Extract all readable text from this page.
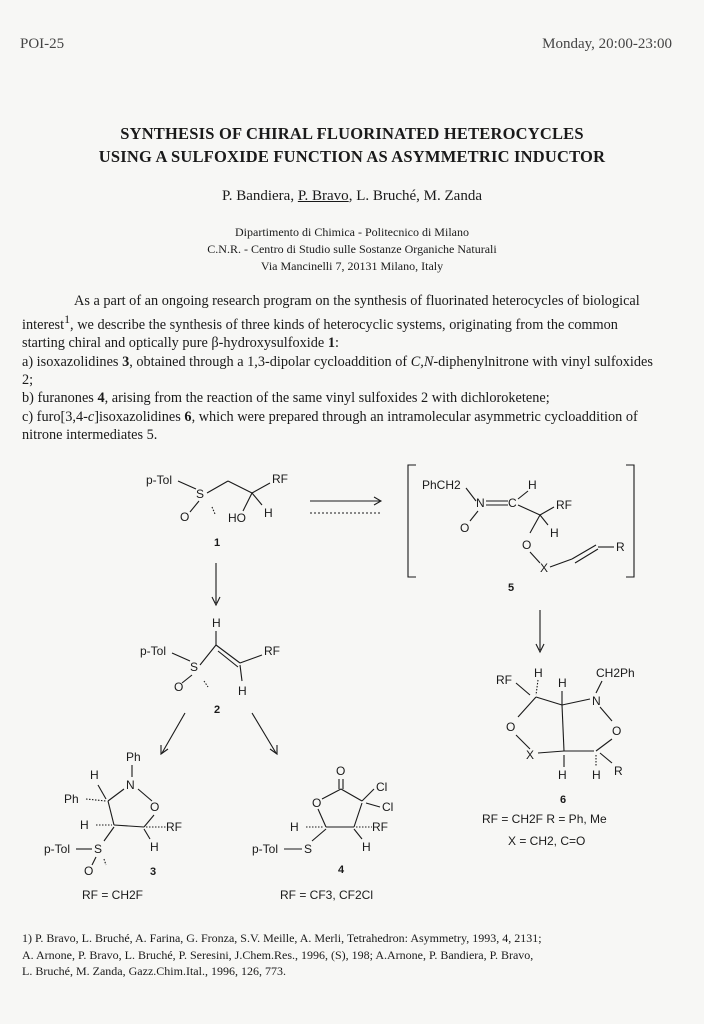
POI-25	Monday, 20:00-23:00
SYNTHESIS OF CHIRAL FLUORINATED HETEROCYCLES
USING A SULFOXIDE FUNCTION AS ASYMMETRIC INDUCTOR
P. Bandiera, P. Bravo, L. Bruché, M. Zanda
Dipartimento di Chimica - Politecnico di Milano
C.N.R. - Centro di Studio sulle Sostanze Organiche Naturali
Via Mancinelli 7, 20131 Milano, Italy

As a part of an ongoing research program on the synthesis of fluorinated heterocycles of biological interest$^1$, we describe the synthesis of three kinds of heterocyclic systems, originating from the common starting chiral and optically pure β-hydroxysulfoxide 1:

a) isoxazolidines 3, obtained through a 1,3-dipolar cycloaddition of C,N-diphenylnitrone with vinyl sulfoxides 2;

b) furanones 4, arising from the reaction of the same vinyl sulfoxides 2 with dichloroketene;

c) furo[3,4-c]isoxazolidines 6, which were prepared through an intramolecular asymmetric cycloaddition of nitrone intermediates 5.

p-Tol
S
RF
O	HO H
1
PhCH2
N C
H
RF
H
O
O
X
R
5
H
p-Tol
S
RF
H
O
2
RF H
H
CH2Ph
N
O	O
X
H H R
6
RF = CH2F R = Ph, Me
X = CH2, C=O
Ph
H
N
O
Ph
H	RF
H
p-Tol S
O	3
RF = CH2F
O
O
Cl
Cl
H	RF
p-Tol S	H
4
RF = CF3, CF2Cl

1) P. Bravo, L. Bruché, A. Farina, G. Fronza, S.V. Meille, A. Merli, Tetrahedron: Asymmetry, 1993, 4, 2131;

A. Arnone, P. Bravo, L. Bruché, P. Seresini, J.Chem.Res., 1996, (S), 198; A.Arnone, P. Bandiera, P. Bravo,

L. Bruché, M. Zanda, Gazz.Chim.Ital., 1996, 126, 773.
